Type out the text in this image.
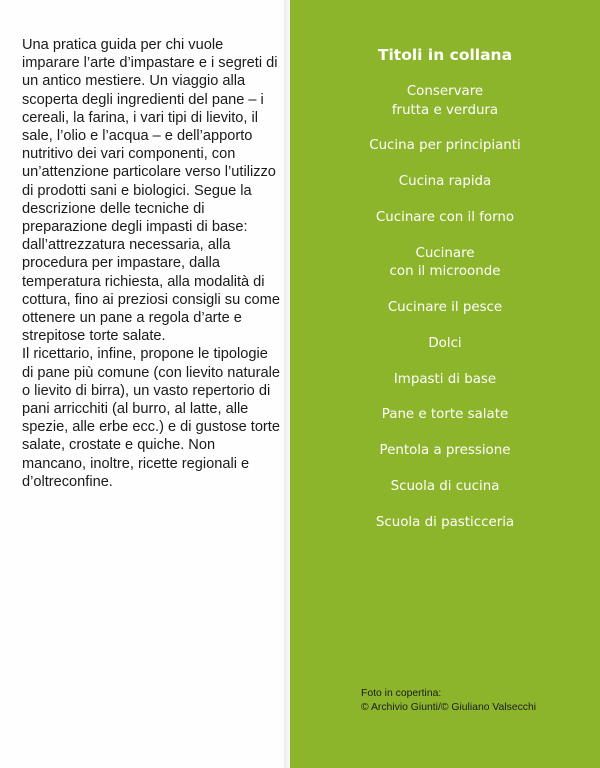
Una pratica guida per chi vuole imparare l’arte d’impastare e i segreti di un antico mestiere. Un viaggio alla scoperta degli ingredienti del pane – i cereali, la farina, i vari tipi di lievito, il sale, l’olio e l’acqua – e dell’apporto nutritivo dei vari componenti, con un’attenzione particolare verso l’utilizzo di prodotti sani e biologici. Segue la descrizione delle tecniche di preparazione degli impasti di base: dall’attrezzatura necessaria, alla procedura per impastare, dalla temperatura richiesta, alla modalità di cottura, fino ai preziosi consigli su come ottenere un pane a regola d’arte e strepitose torte salate.

Il ricettario, infine, propone le tipologie di pane più comune (con lievito naturale o lievito di birra), un vasto repertorio di pani arricchiti (al burro, al latte, alle spezie, alle erbe ecc.) e di gustose torte salate, crostate e quiche. Non mancano, inoltre, ricette regionali e d’oltreconfine.

Titoli in collana
Conservare
frutta e verdura
Cucina per principianti
Cucina rapida
Cucinare con il forno
Cucinare
con il microonde
Cucinare il pesce
Dolci
Impasti di base
Pane e torte salate
Pentola a pressione
Scuola di cucina
Scuola di pasticceria
Foto in copertina:
© Archivio Giunti/© Giuliano Valsecchi
